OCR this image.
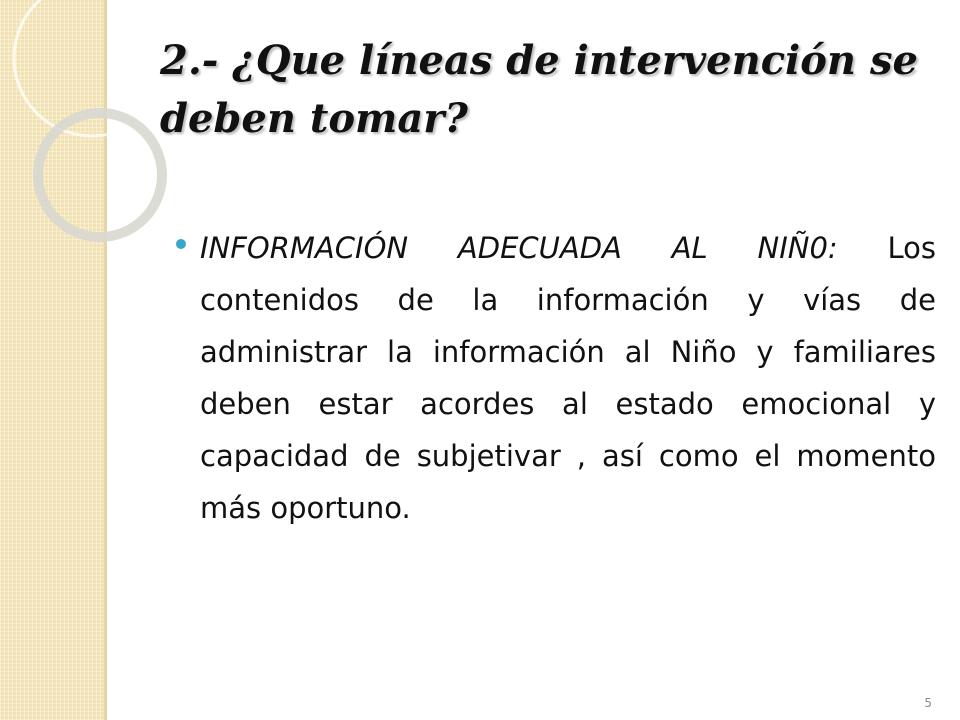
2.- ¿Que líneas de intervención se deben tomar?

INFORMACIÓN ADECUADA AL NIÑ0: Los contenidos de la información y vías de administrar la información al Niño y familiares deben estar acordes al estado emocional y capacidad de subjetivar , así como el momento más oportuno.

5
